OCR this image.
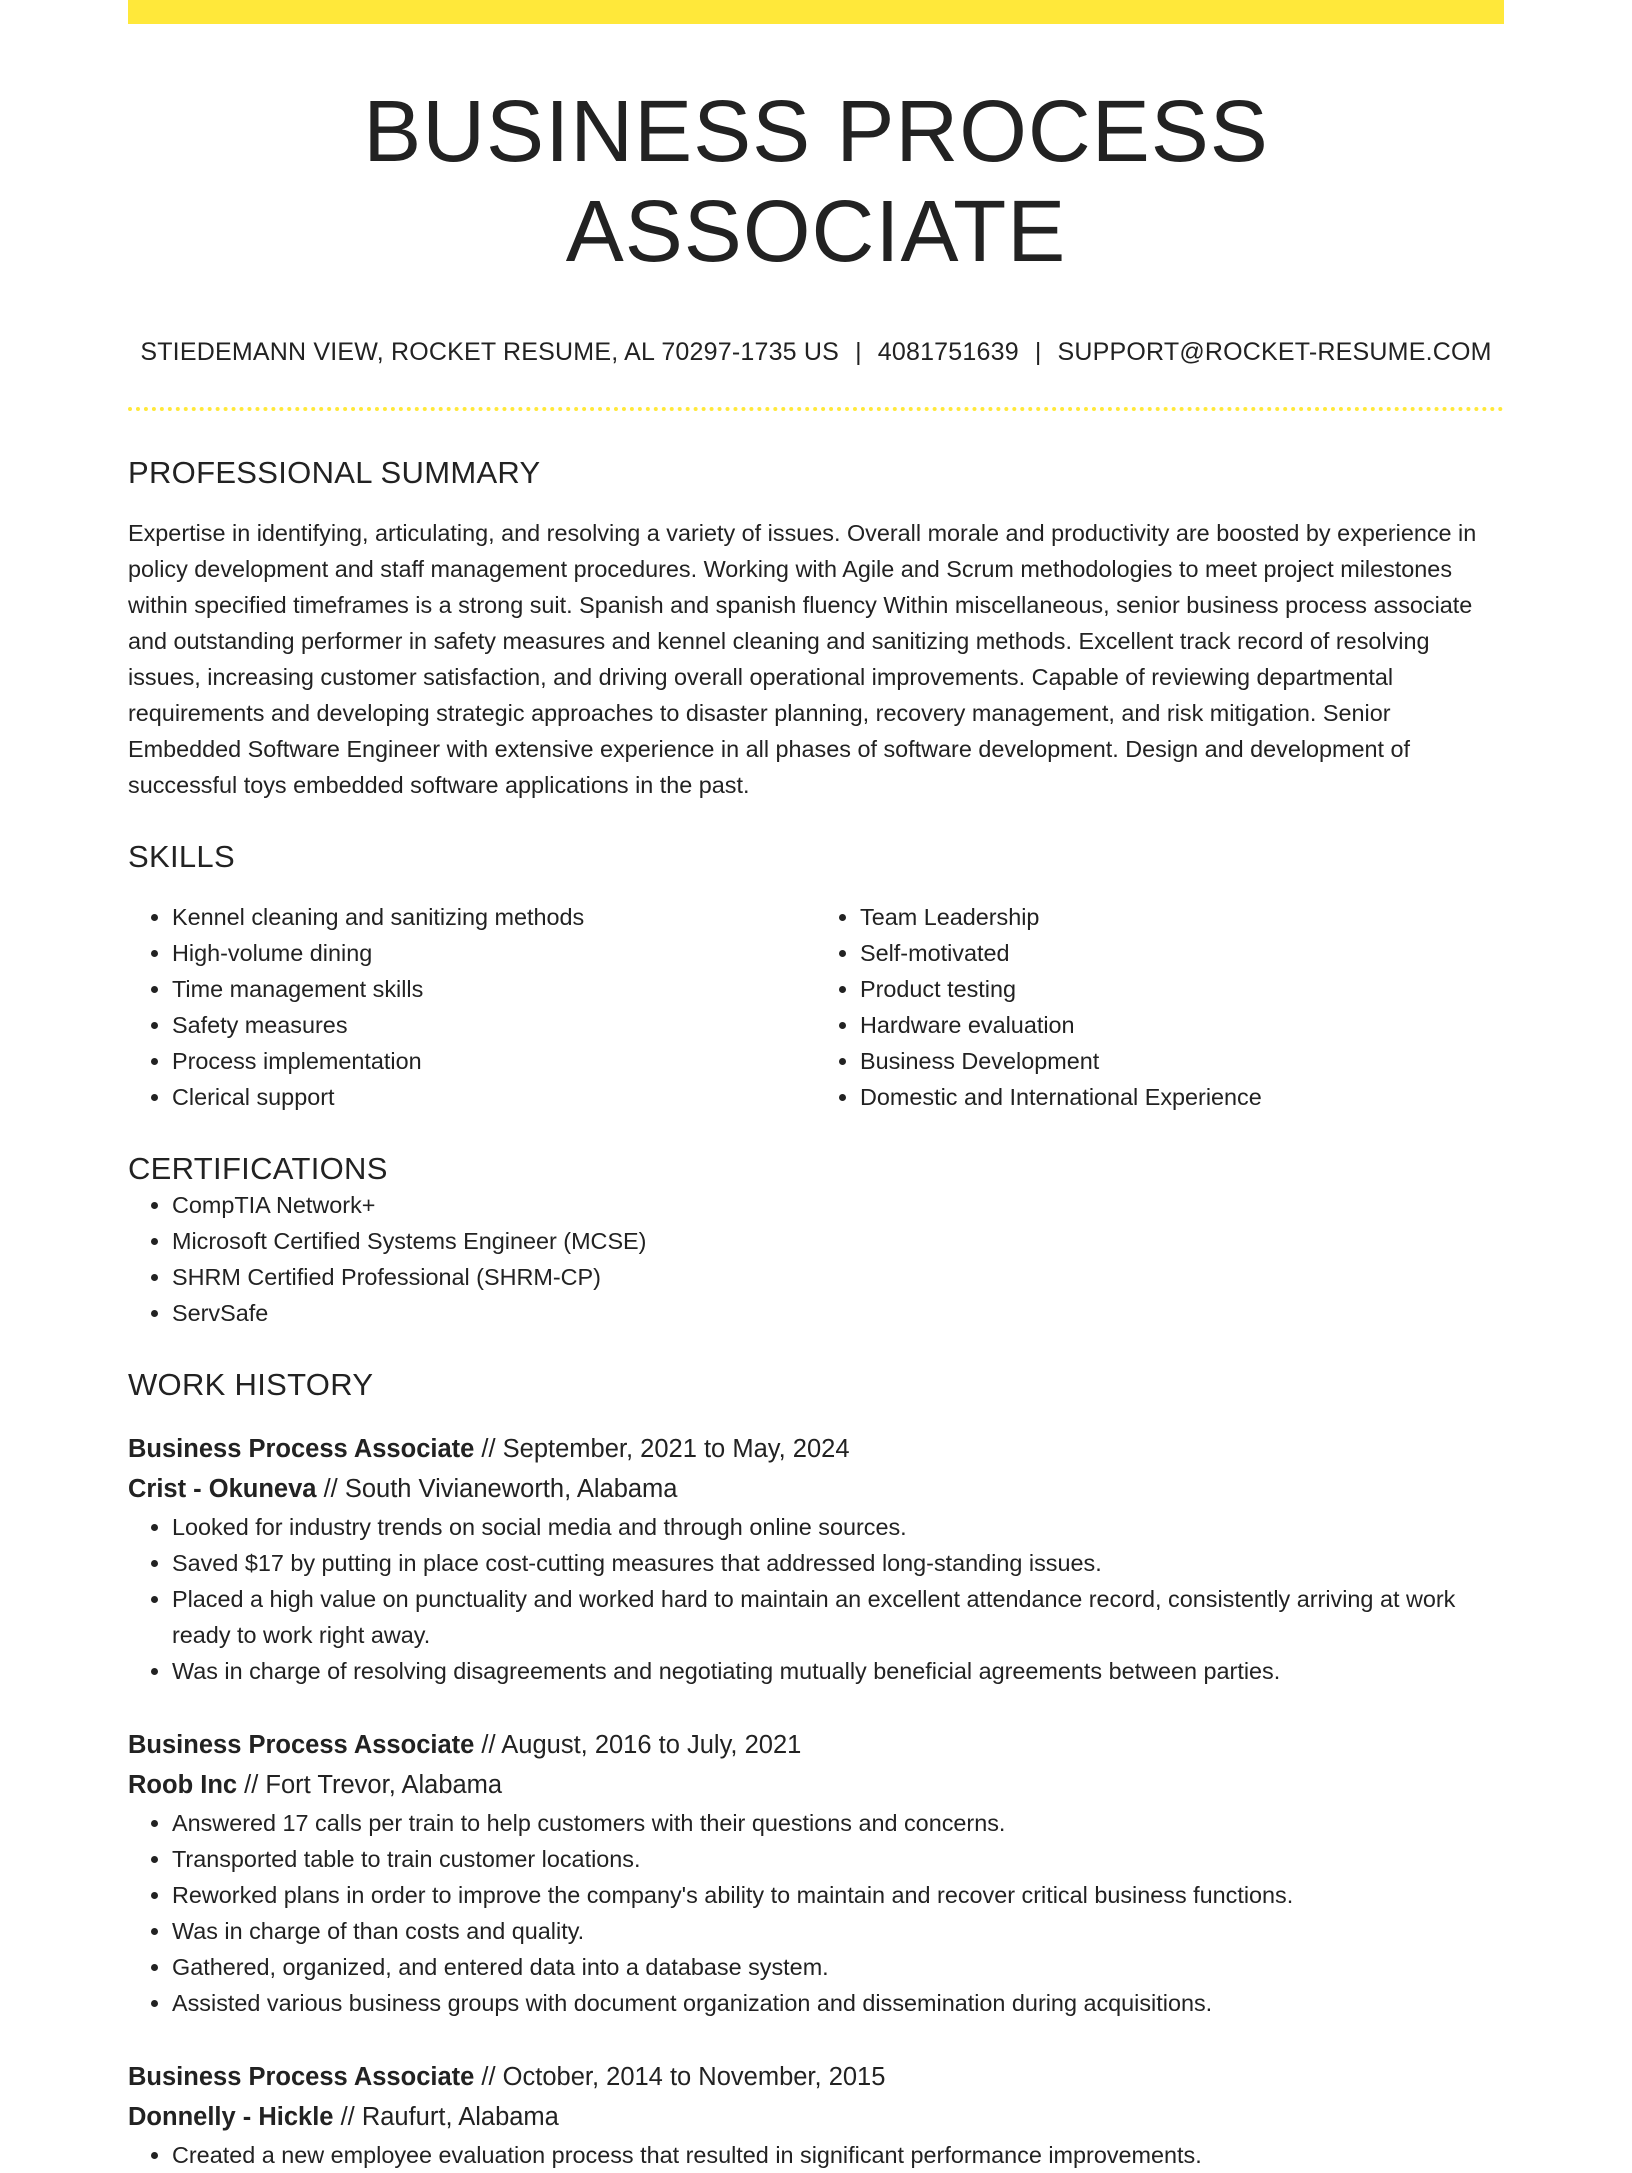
BUSINESS PROCESS ASSOCIATE
STIEDEMANN VIEW, ROCKET RESUME, AL 70297-1735 US | 4081751639 | SUPPORT@ROCKET-RESUME.COM
PROFESSIONAL SUMMARY

Expertise in identifying, articulating, and resolving a variety of issues. Overall morale and productivity are boosted by experience in policy development and staff management procedures. Working with Agile and Scrum methodologies to meet project milestones within specified timeframes is a strong suit. Spanish and spanish fluency Within miscellaneous, senior business process associate and outstanding performer in safety measures and kennel cleaning and sanitizing methods. Excellent track record of resolving issues, increasing customer satisfaction, and driving overall operational improvements. Capable of reviewing departmental requirements and developing strategic approaches to disaster planning, recovery management, and risk mitigation. Senior Embedded Software Engineer with extensive experience in all phases of software development. Design and development of successful toys embedded software applications in the past.

SKILLS
• Kennel cleaning and sanitizing methods
• High-volume dining
• Time management skills
• Safety measures
• Process implementation
• Clerical support
• Team Leadership
• Self-motivated
• Product testing
• Hardware evaluation
• Business Development
• Domestic and International Experience
CERTIFICATIONS
• CompTIA Network+
• Microsoft Certified Systems Engineer (MCSE)
• SHRM Certified Professional (SHRM-CP)
• ServSafe
WORK HISTORY
Business Process Associate // September, 2021 to May, 2024
Crist - Okuneva // South Vivianeworth, Alabama
• Looked for industry trends on social media and through online sources.
• Saved $17 by putting in place cost-cutting measures that addressed long-standing issues.
• Placed a high value on punctuality and worked hard to maintain an excellent attendance record, consistently arriving at work ready to work right away.
• Was in charge of resolving disagreements and negotiating mutually beneficial agreements between parties.
Business Process Associate // August, 2016 to July, 2021
Roob Inc // Fort Trevor, Alabama
• Answered 17 calls per train to help customers with their questions and concerns.
• Transported table to train customer locations.
• Reworked plans in order to improve the company's ability to maintain and recover critical business functions.
• Was in charge of than costs and quality.
• Gathered, organized, and entered data into a database system.
• Assisted various business groups with document organization and dissemination during acquisitions.
Business Process Associate // October, 2014 to November, 2015
Donnelly - Hickle // Raufurt, Alabama
• Created a new employee evaluation process that resulted in significant performance improvements.
